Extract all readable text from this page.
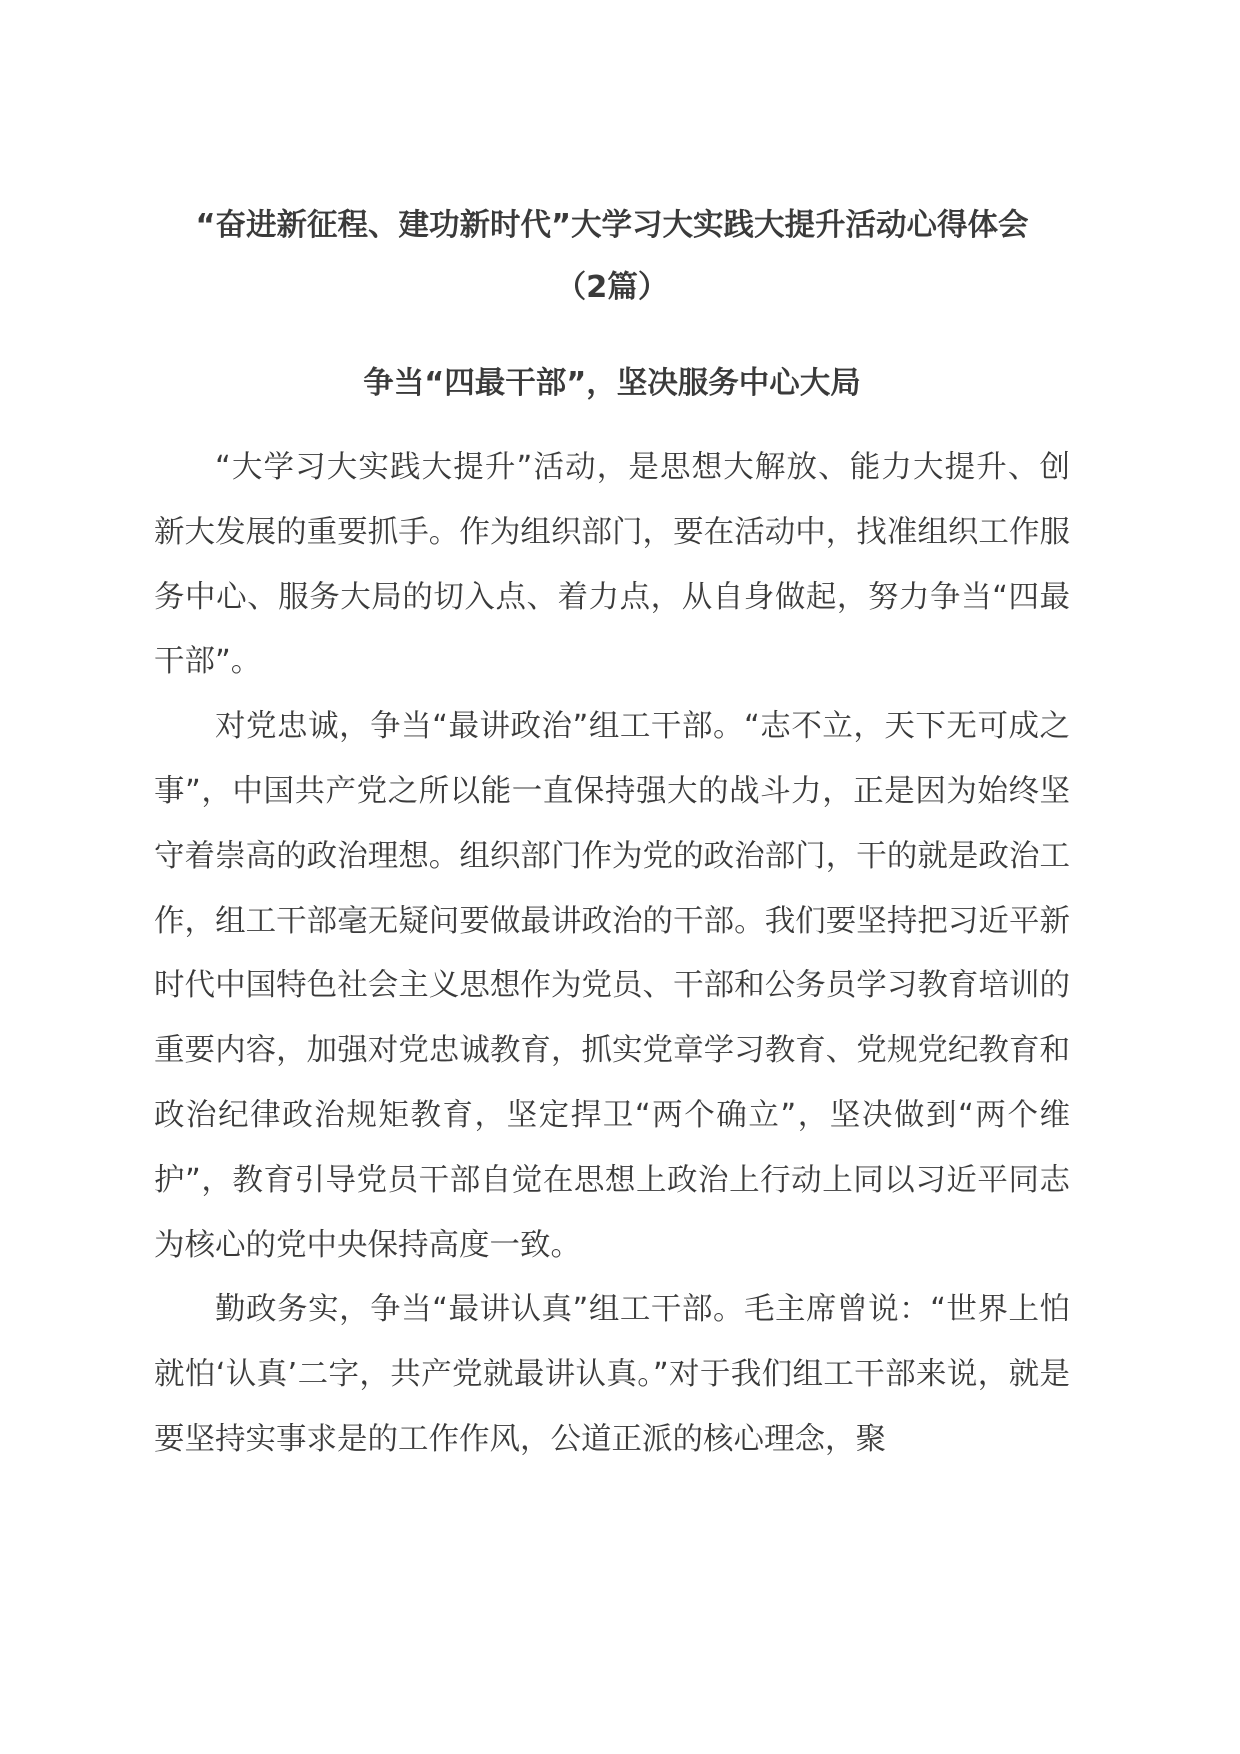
“奋进新征程、建功新时代”大学习大实践大提升活动心得体会
（2篇）
争当“四最干部”，坚决服务中心大局

“大学习大实践大提升”活动，是思想大解放、能力大提升、创新大发展的重要抓手。作为组织部门，要在活动中，找准组织工作服务中心、服务大局的切入点、着力点，从自身做起，努力争当“四最干部”。

对党忠诚，争当“最讲政治”组工干部。“志不立，天下无可成之事”，中国共产党之所以能一直保持强大的战斗力，正是因为始终坚守着崇高的政治理想。组织部门作为党的政治部门，干的就是政治工作，组工干部毫无疑问要做最讲政治的干部。我们要坚持把习近平新时代中国特色社会主义思想作为党员、干部和公务员学习教育培训的重要内容，加强对党忠诚教育，抓实党章学习教育、党规党纪教育和政治纪律政治规矩教育，坚定捍卫“两个确立”，坚决做到“两个维护”，教育引导党员干部自觉在思想上政治上行动上同以习近平同志为核心的党中央保持高度一致。

勤政务实，争当“最讲认真”组工干部。毛主席曾说：“世界上怕就怕‘认真’二字，共产党就最讲认真。”对于我们组工干部来说，就是要坚持实事求是的工作作风，公道正派的核心理念，聚
